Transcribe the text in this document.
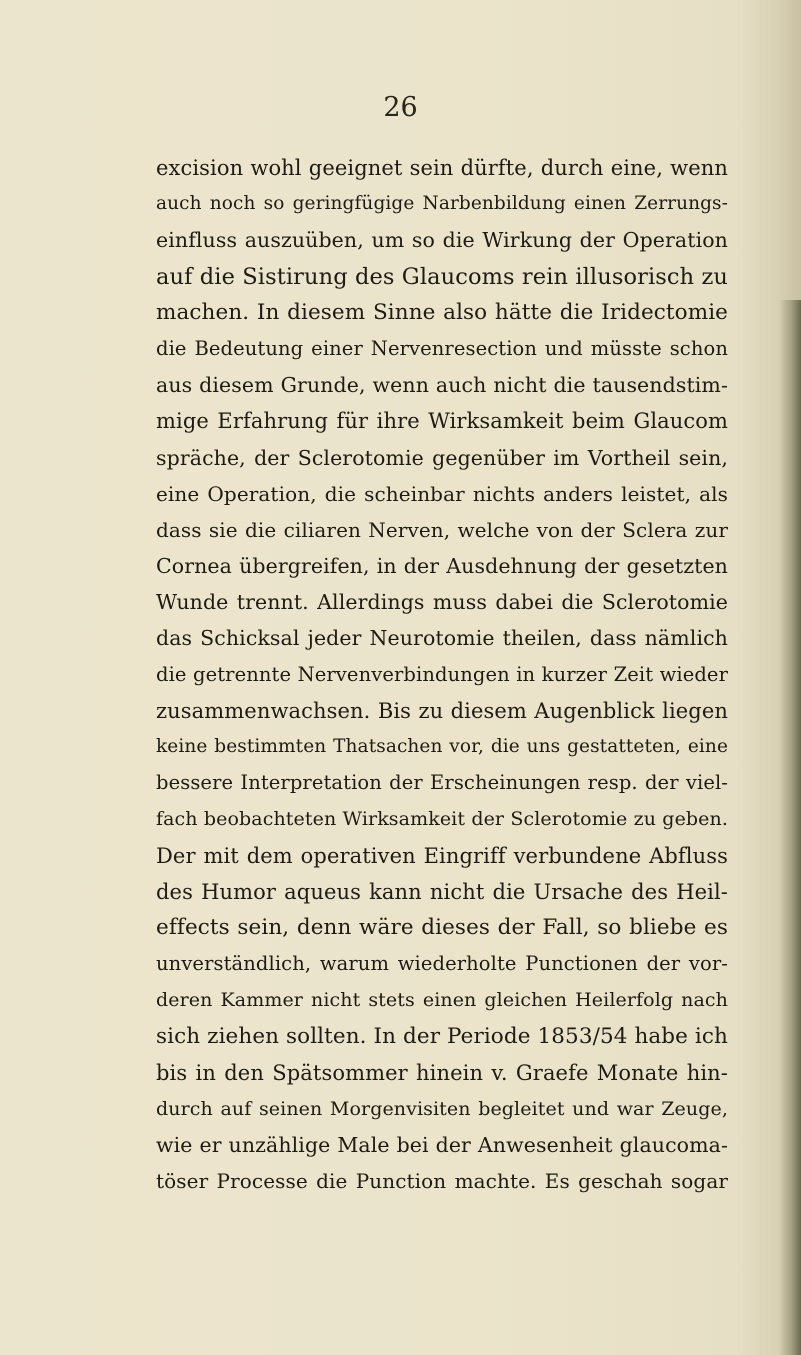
26
excision wohl geeignet sein dürfte, durch eine, wenn
auch noch so geringfügige Narbenbildung einen Zerrungs-
einfluss auszuüben, um so die Wirkung der Operation
auf die Sistirung des Glaucoms rein illusorisch zu
machen. In diesem Sinne also hätte die Iridectomie
die Bedeutung einer Nervenresection und müsste schon
aus diesem Grunde, wenn auch nicht die tausendstim-
mige Erfahrung für ihre Wirksamkeit beim Glaucom
spräche, der Sclerotomie gegenüber im Vortheil sein,
eine Operation, die scheinbar nichts anders leistet, als
dass sie die ciliaren Nerven, welche von der Sclera zur
Cornea übergreifen, in der Ausdehnung der gesetzten
Wunde trennt. Allerdings muss dabei die Sclerotomie
das Schicksal jeder Neurotomie theilen, dass nämlich
die getrennte Nervenverbindungen in kurzer Zeit wieder
zusammenwachsen. Bis zu diesem Augenblick liegen
keine bestimmten Thatsachen vor, die uns gestatteten, eine
bessere Interpretation der Erscheinungen resp. der viel-
fach beobachteten Wirksamkeit der Sclerotomie zu geben.
Der mit dem operativen Eingriff verbundene Abfluss
des Humor aqueus kann nicht die Ursache des Heil-
effects sein, denn wäre dieses der Fall, so bliebe es
unverständlich, warum wiederholte Punctionen der vor-
deren Kammer nicht stets einen gleichen Heilerfolg nach
sich ziehen sollten. In der Periode 1853/54 habe ich
bis in den Spätsommer hinein v. Graefe Monate hin-
durch auf seinen Morgenvisiten begleitet und war Zeuge,
wie er unzählige Male bei der Anwesenheit glaucoma-
töser Processe die Punction machte. Es geschah sogar
